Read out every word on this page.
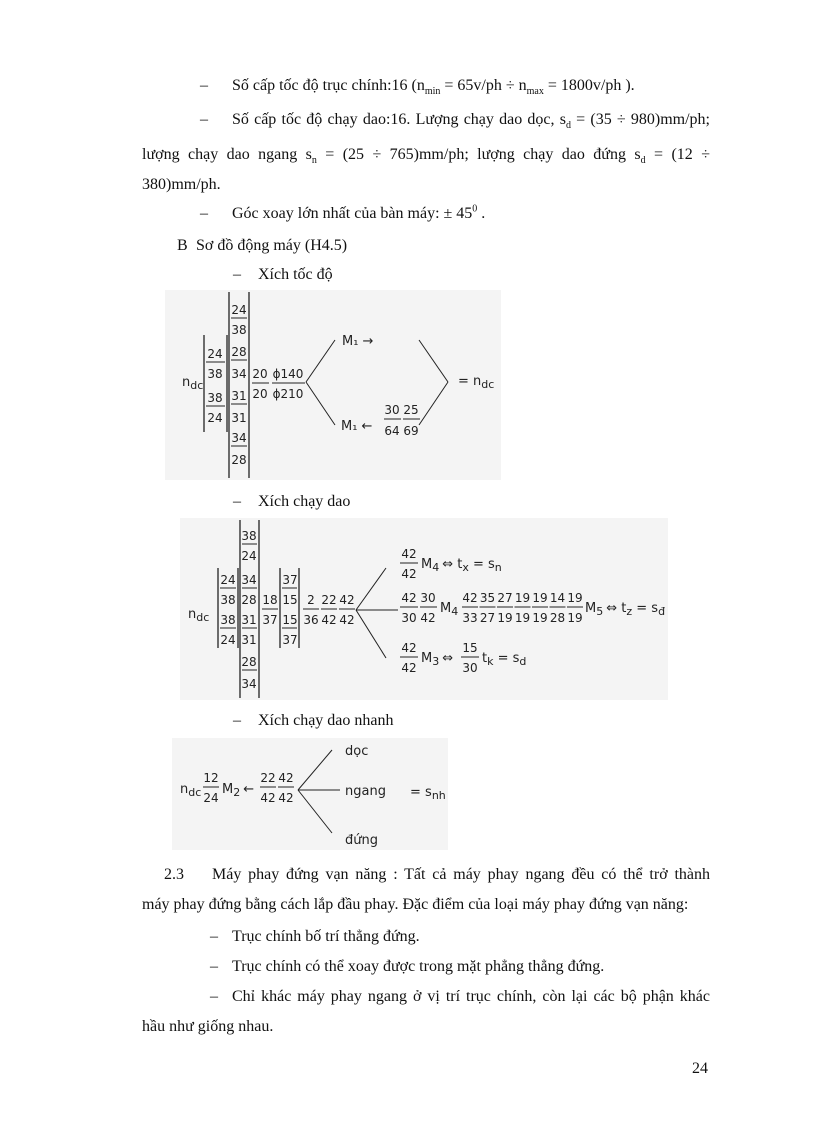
– Số cấp tốc độ trục chính:16 ($n_{min} = 65v/ph \div n_{max} = 1800v/ph$ ).
– Số cấp tốc độ chạy dao:16. Lượng chạy dao dọc, $s_d = (35 \div 980)mm/ph$;
lượng chạy dao ngang $s_n = (25 \div 765)mm/ph$; lượng chạy dao đứng $s_d = (12$ ÷
380)mm/ph.
– Góc xoay lớn nhất của bàn máy: ± $45^0$ .
B Sơ đồ động máy (H4.5)
– Xích tốc độ
$n_{dc}$
24
38
38
24
24
38
28
34
31
31
34
28
20
20
ϕ140
ϕ210
M₁ →
M₁ ←
30
64
25
69
= $n_{dc}$
– Xích chạy dao
$n_{dc}$
24
38
38
24
38
24
34
28
31
31
28
34
18
37
37
15
15
37
2
36
22
42
42
42
42
42
$M_4$ ⇔ $t_x = s_n$
42
30
30
42
$M_4$
42
33
35
27
27
19
19
19
19
19
14
28
19
19
$M_5$ ⇔ $t_z = s_đ$
42
42
$M_3$ ⇔
15
30
$t_k = s_d$
– Xích chạy dao nhanh
$n_{dc}$
12
24
$M_2$ ←
22
42
42
42
dọc
ngang
đứng
= $s_{nh}$
2.3 Máy phay đứng vạn năng : Tất cả máy phay ngang đều có thể trở thành
máy phay đứng bằng cách lắp đầu phay. Đặc điểm của loại máy phay đứng vạn năng:
– Trục chính bố trí thẳng đứng.
– Trục chính có thể xoay được trong mặt phẳng thẳng đứng.
– Chỉ khác máy phay ngang ở vị trí trục chính, còn lại các bộ phận khác
hầu như giống nhau.
24
